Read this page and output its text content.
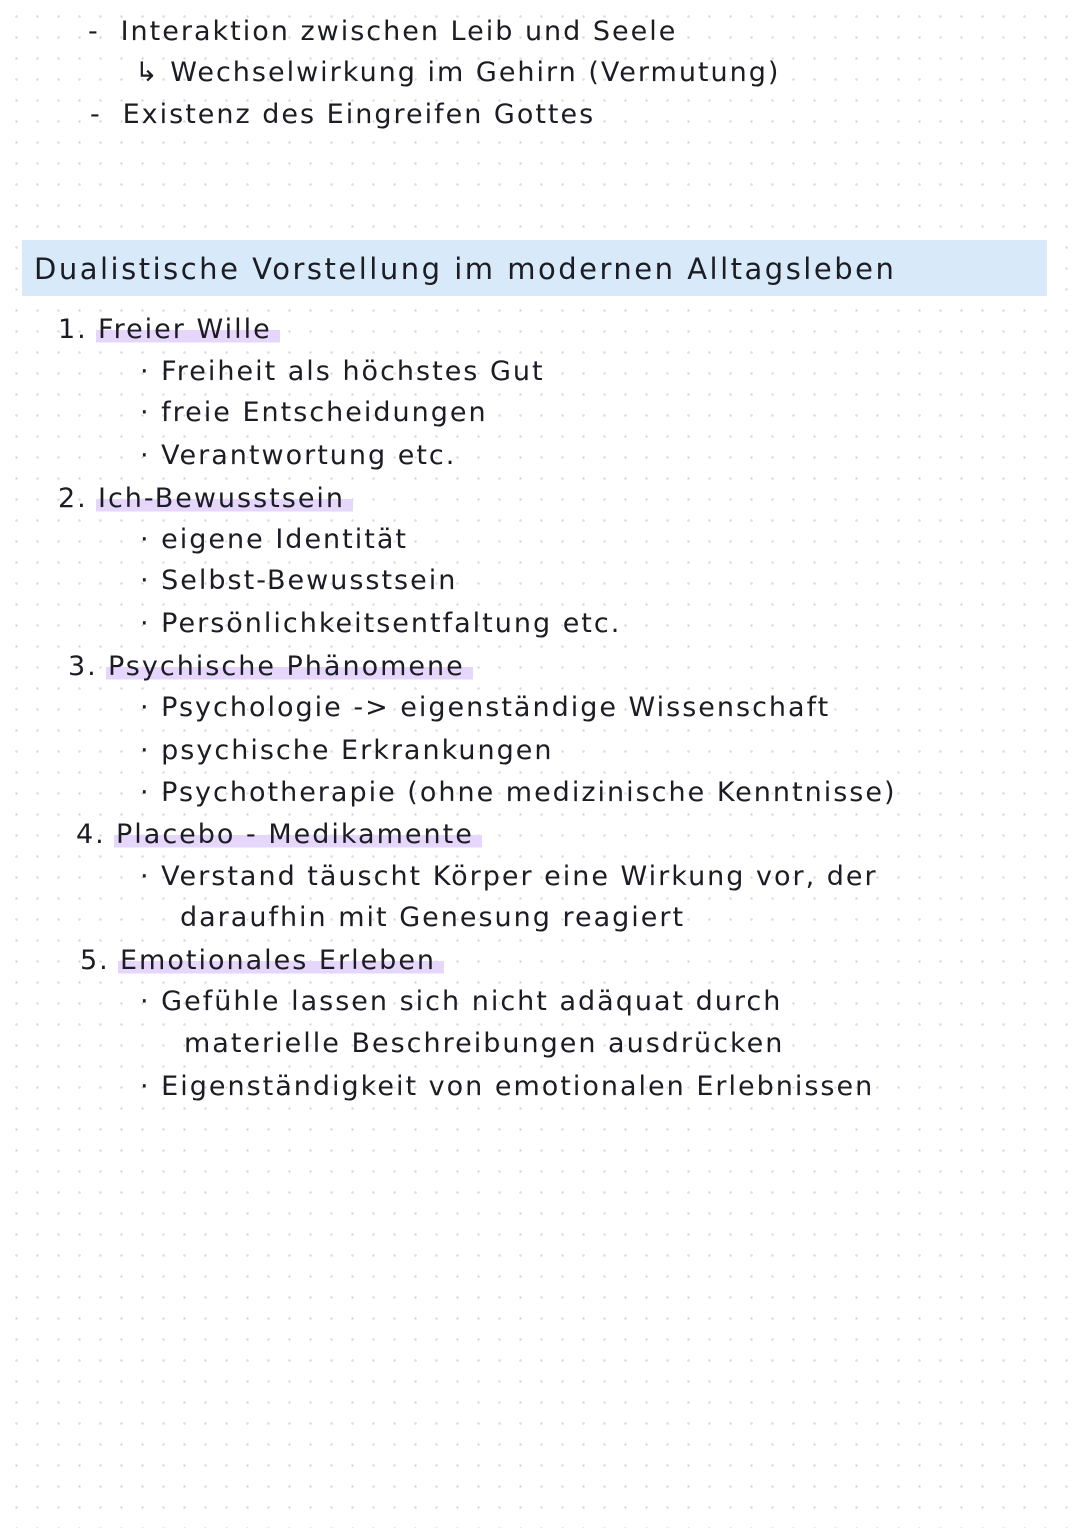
- Interaktion zwischen Leib und Seele
↳ Wechselwirkung im Gehirn (Vermutung)
- Existenz des Eingreifen Gottes
Dualistische Vorstellung im modernen Alltagsleben
1. Freier Wille
· Freiheit als höchstes Gut
· freie Entscheidungen
· Verantwortung etc.
2. Ich-Bewusstsein
· eigene Identität
· Selbst-Bewusstsein
· Persönlichkeitsentfaltung etc.
3. Psychische Phänomene
· Psychologie -> eigenständige Wissenschaft
· psychische Erkrankungen
· Psychotherapie (ohne medizinische Kenntnisse)
4. Placebo - Medikamente
· Verstand täuscht Körper eine Wirkung vor, der
daraufhin mit Genesung reagiert
5. Emotionales Erleben
· Gefühle lassen sich nicht adäquat durch
materielle Beschreibungen ausdrücken
· Eigenständigkeit von emotionalen Erlebnissen
